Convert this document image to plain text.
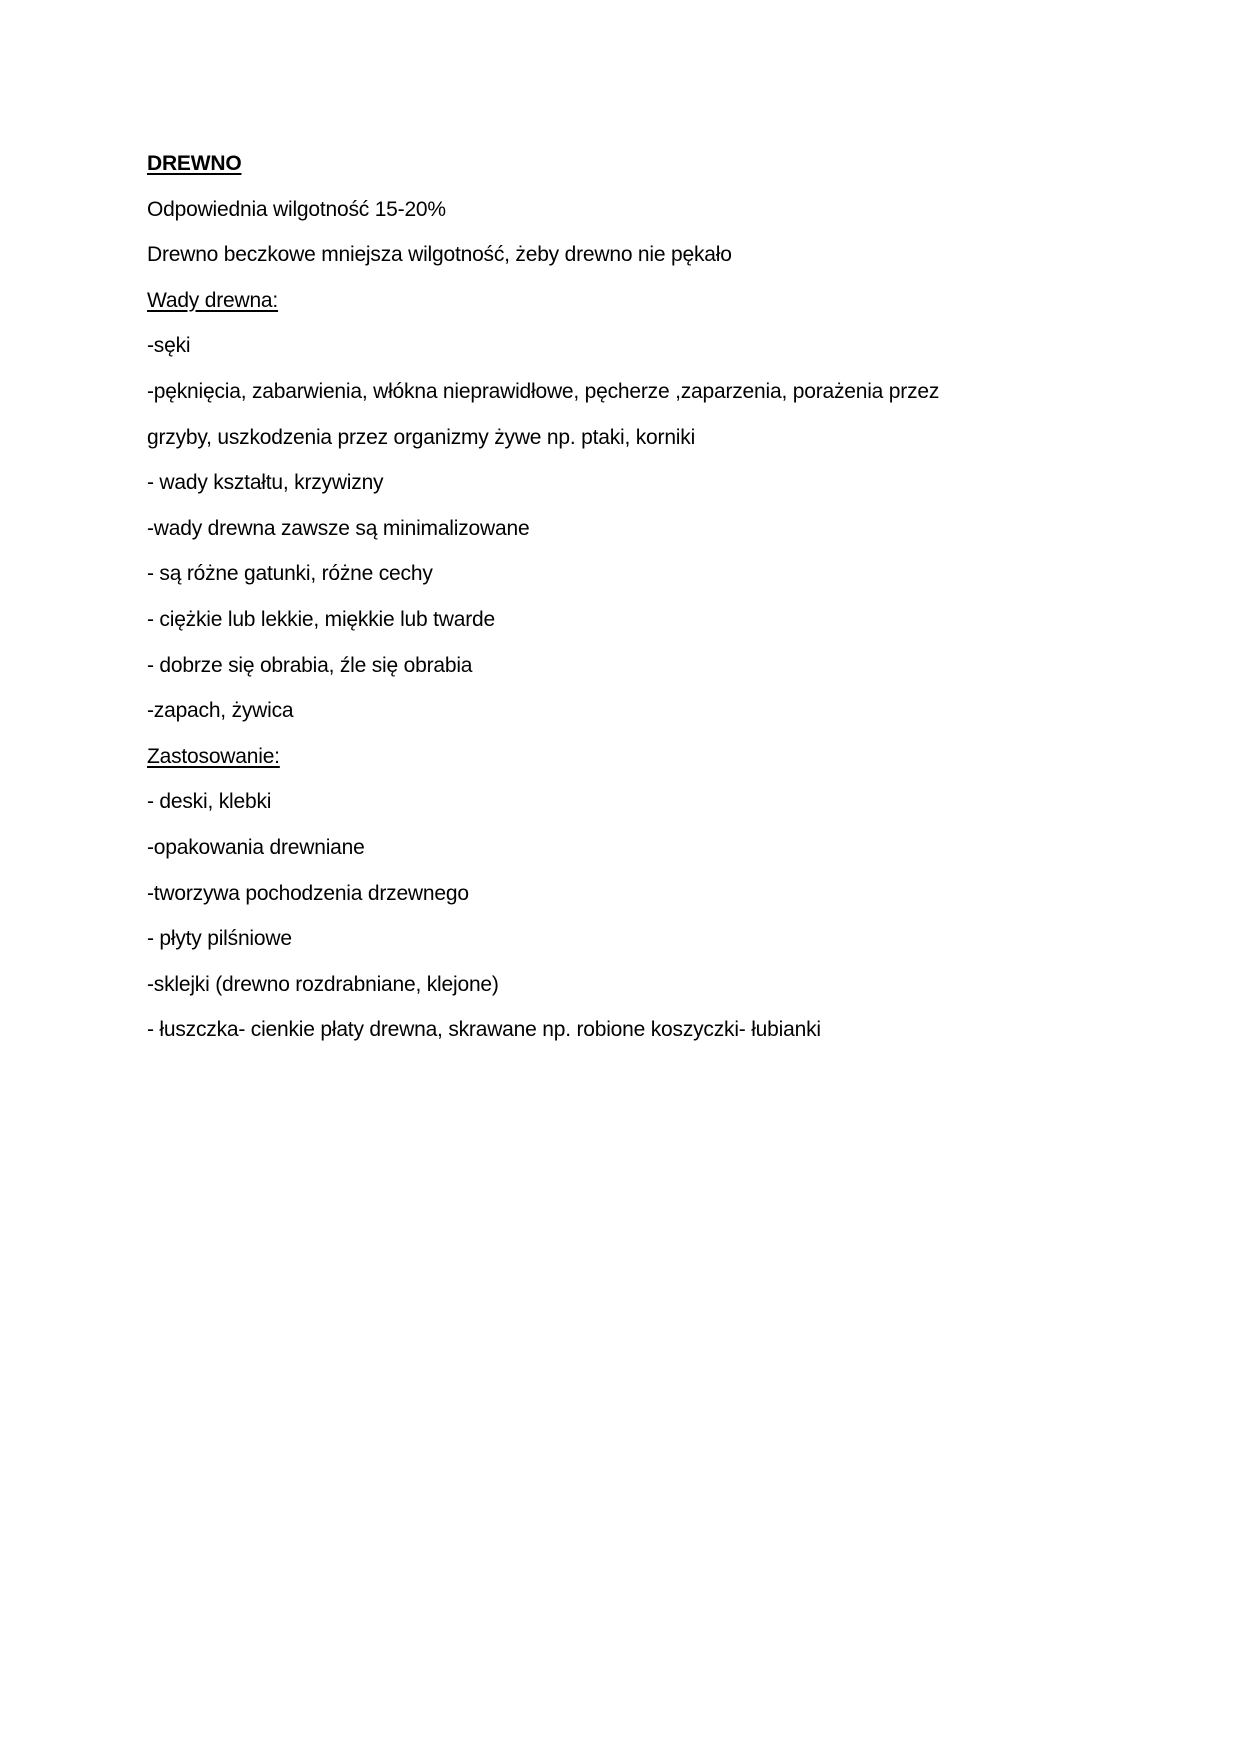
DREWNO
Odpowiednia wilgotność 15-20%
Drewno beczkowe mniejsza wilgotność, żeby drewno nie pękało
Wady drewna:
-sęki
-pęknięcia, zabarwienia, włókna nieprawidłowe, pęcherze ,zaparzenia, porażenia przez
grzyby, uszkodzenia przez organizmy żywe np. ptaki, korniki
- wady kształtu, krzywizny
-wady drewna zawsze są minimalizowane
- są różne gatunki, różne cechy
- ciężkie lub lekkie, miękkie lub twarde
- dobrze się obrabia, źle się obrabia
-zapach, żywica
Zastosowanie:
- deski, klebki
-opakowania drewniane
-tworzywa pochodzenia drzewnego
- płyty pilśniowe
-sklejki (drewno rozdrabniane, klejone)
- łuszczka- cienkie płaty drewna, skrawane np. robione koszyczki- łubianki
